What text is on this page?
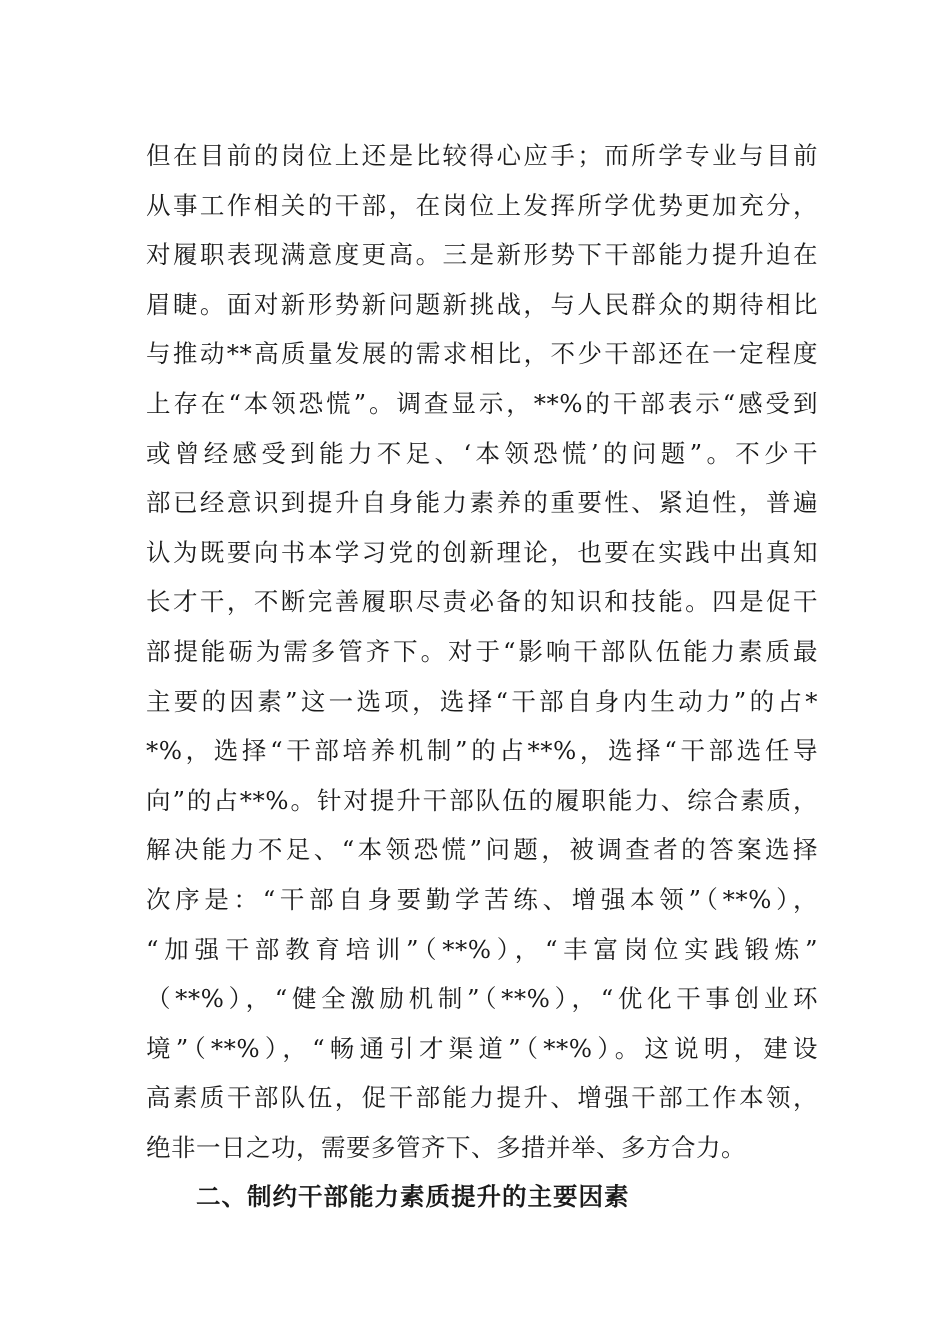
但在目前的岗位上还是比较得心应手；而所学专业与目前
从事工作相关的干部，在岗位上发挥所学优势更加充分，
对履职表现满意度更高。三是新形势下干部能力提升迫在
眉睫。面对新形势新问题新挑战，与人民群众的期待相比
与推动**高质量发展的需求相比，不少干部还在一定程度
上存在“本领恐慌”。调查显示，**%的干部表示“感受到
或曾经感受到能力不足、‘本领恐慌’的问题”。不少干
部已经意识到提升自身能力素养的重要性、紧迫性，普遍
认为既要向书本学习党的创新理论，也要在实践中出真知
长才干，不断完善履职尽责必备的知识和技能。四是促干
部提能砺为需多管齐下。对于“影响干部队伍能力素质最
主要的因素”这一选项，选择“干部自身内生动力”的占*
*%，选择“干部培养机制”的占**%，选择“干部选任导
向”的占**%。针对提升干部队伍的履职能力、综合素质，
解决能力不足、“本领恐慌”问题，被调查者的答案选择
次序是：“干部自身要勤学苦练、增强本领”（**%），
“加强干部教育培训”（**%），“丰富岗位实践锻炼”
（**%），“健全激励机制”（**%），“优化干事创业环
境”（**%），“畅通引才渠道”（**%）。这说明，建设
高素质干部队伍，促干部能力提升、增强干部工作本领，
绝非一日之功，需要多管齐下、多措并举、多方合力。
二、制约干部能力素质提升的主要因素
